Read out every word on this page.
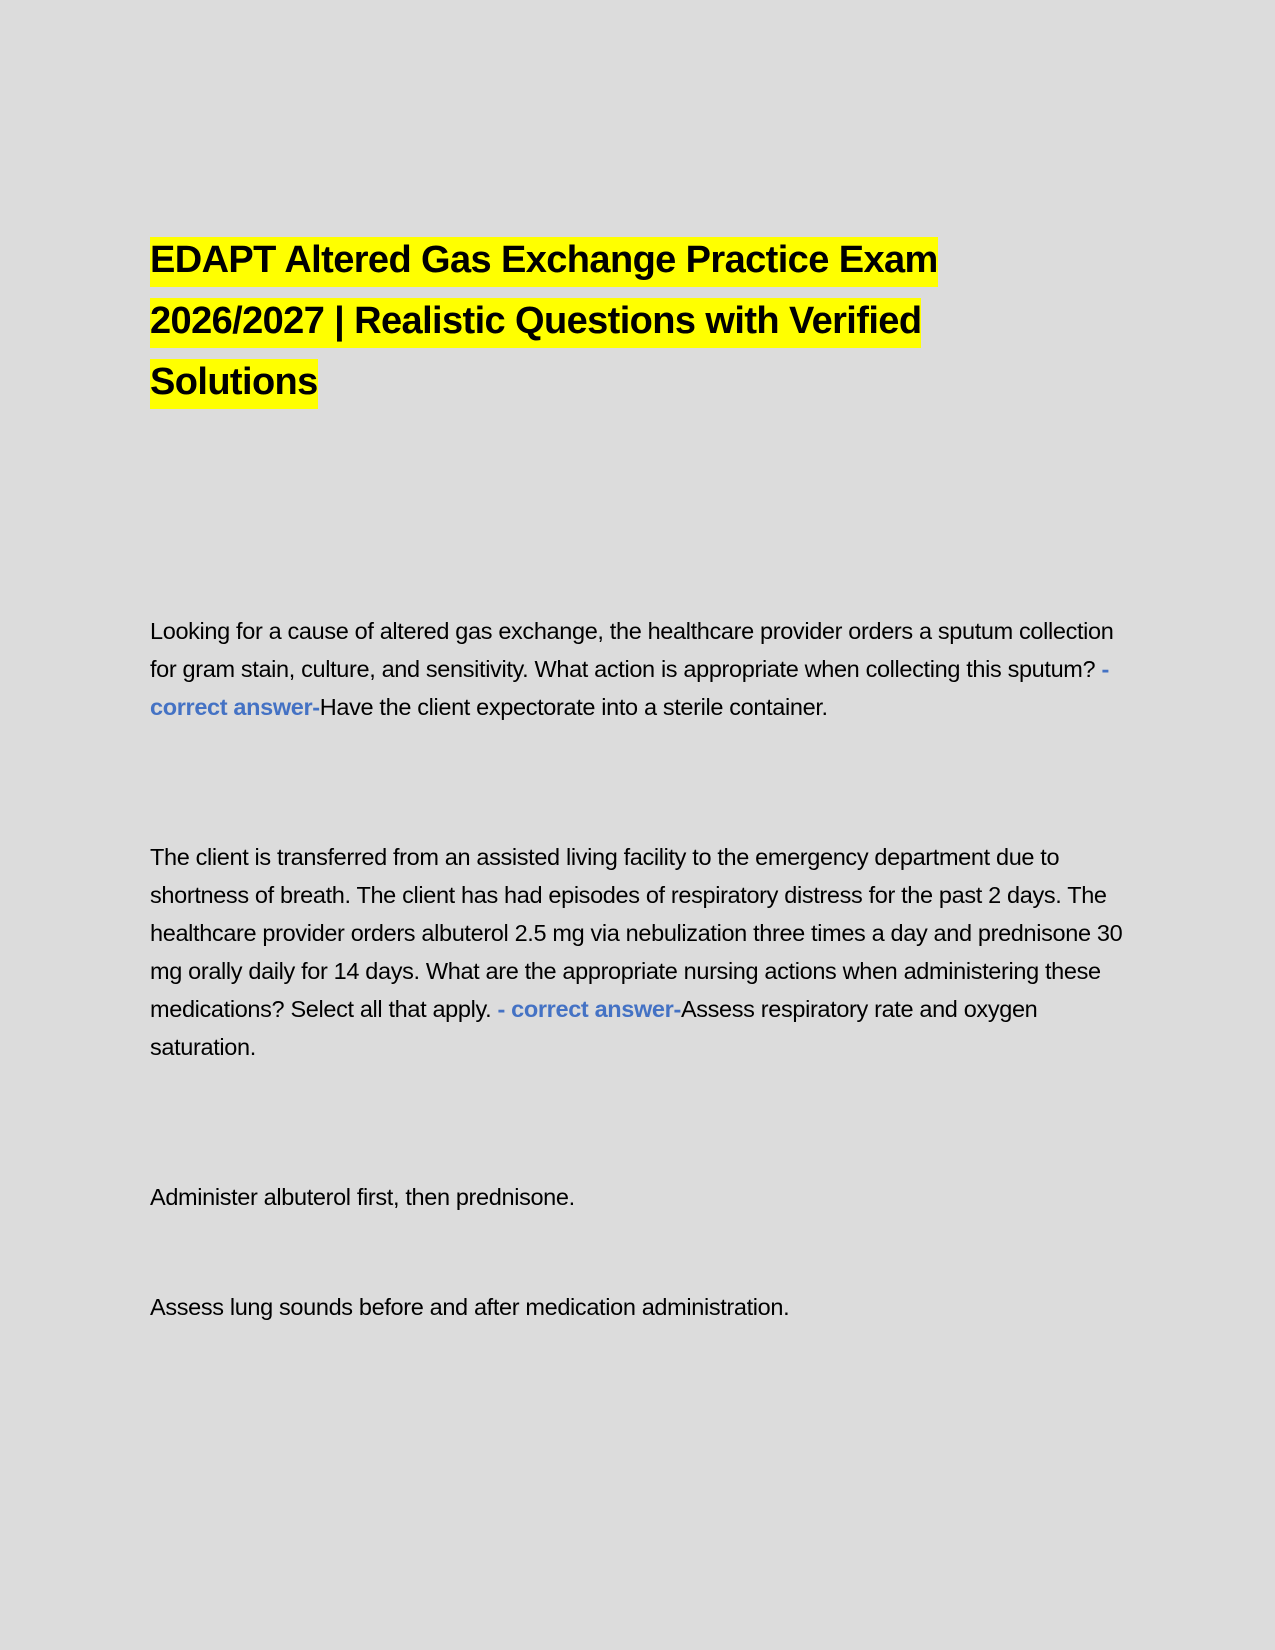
EDAPT Altered Gas Exchange Practice Exam
2026/2027 | Realistic Questions with Verified
Solutions

Looking for a cause of altered gas exchange, the healthcare provider orders a sputum collection for gram stain, culture, and sensitivity. What action is appropriate when collecting this sputum? - correct answer-Have the client expectorate into a sterile container.

The client is transferred from an assisted living facility to the emergency department due to shortness of breath. The client has had episodes of respiratory distress for the past 2 days. The healthcare provider orders albuterol 2.5 mg via nebulization three times a day and prednisone 30 mg orally daily for 14 days. What are the appropriate nursing actions when administering these medications? Select all that apply. - correct answer-Assess respiratory rate and oxygen saturation.

Administer albuterol first, then prednisone.

Assess lung sounds before and after medication administration.
